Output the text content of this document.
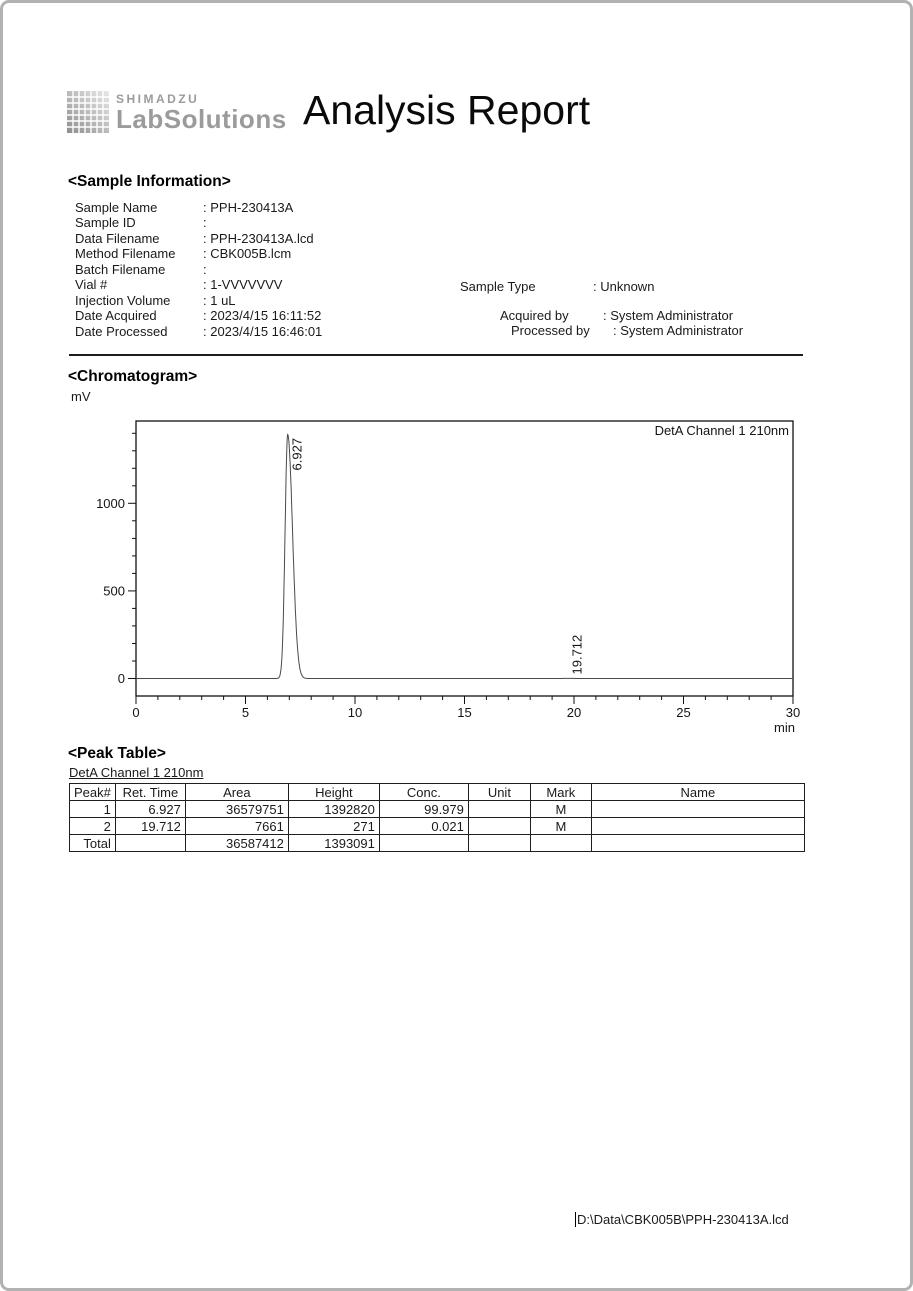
SHIMADZU
LabSolutions Analysis Report
<Sample Information>
Sample Name	: PPH-230413A
Sample ID	:
Data Filename	: PPH-230413A.lcd
Method Filename : CBK005B.lcm
Batch Filename	:
Vial #	: 1-VVVVVVV
Injection Volume	: 1 uL
Date Acquired	: 2023/4/15 16:11:52
Date Processed	: 2023/4/15 16:46:01
Sample Type	: Unknown
Acquired by	: System Administrator
Processed by : System Administrator
<Chromatogram>
mV
0
500
1000
0	5	10	15	20	25	30
min
DetA Channel 1 210nm
6.927
19.712
<Peak Table>
DetA Channel 1 210nm
Peak#	Ret. Time	Area	Height	Conc.	Unit	Mark	Name
1	6.927	36579751	1392820	99.979		M	
2	19.712	7661	271	0.021		M	
Total		36587412	1393091				
D:\Data\CBK005B\PPH-230413A.lcd
